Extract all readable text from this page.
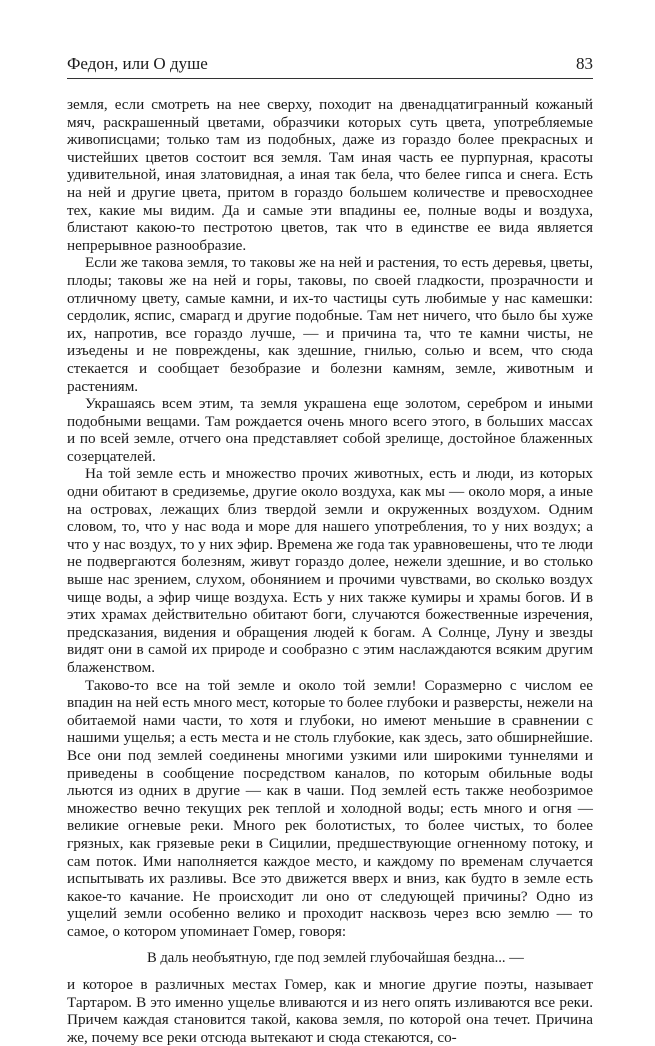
Федон, или О душе	83

земля, если смотреть на нее сверху, походит на двенадцатигранный кожаный мяч, раскрашенный цветами, образчики которых суть цвета, употребляемые живописцами; только там из подобных, даже из гораздо более прекрасных и чистейших цветов состоит вся земля. Там иная часть ее пурпурная, красоты удивительной, иная златовидная, а иная так бела, что белее гипса и снега. Есть на ней и другие цвета, притом в гораздо большем количестве и превосходнее тех, какие мы видим. Да и самые эти впадины ее, полные воды и воздуха, блистают какою-то пестротою цветов, так что в единстве ее вида является непрерывное разнообразие.

Если же такова земля, то таковы же на ней и растения, то есть деревья, цветы, плоды; таковы же на ней и горы, таковы, по своей гладкости, прозрачности и отличному цвету, самые камни, и их-то частицы суть любимые у нас камешки: сердолик, яспис, смарагд и другие подобные. Там нет ничего, что было бы хуже их, напротив, все гораздо лучше, — и причина та, что те камни чисты, не изъедены и не повреждены, как здешние, гнилью, солью и всем, что сюда стекается и сообщает безобразие и болезни камням, земле, животным и растениям.

Украшаясь всем этим, та земля украшена еще золотом, серебром и иными подобными вещами. Там рождается очень много всего этого, в больших массах и по всей земле, отчего она представляет собой зрелище, достойное блаженных созерцателей.

На той земле есть и множество прочих животных, есть и люди, из которых одни обитают в средиземье, другие около воздуха, как мы — около моря, а иные на островах, лежащих близ твердой земли и окруженных воздухом. Одним словом, то, что у нас вода и море для нашего употребления, то у них воздух; а что у нас воздух, то у них эфир. Времена же года так уравновешены, что те люди не подвергаются болезням, живут гораздо долее, нежели здешние, и во столько выше нас зрением, слухом, обонянием и прочими чувствами, во сколько воздух чище воды, а эфир чище воздуха. Есть у них также кумиры и храмы богов. И в этих храмах действительно обитают боги, случаются божественные изречения, предсказания, видения и обращения людей к богам. А Солнце, Луну и звезды видят они в самой их природе и сообразно с этим наслаждаются всяким другим блаженством.

Таково-то все на той земле и около той земли! Соразмерно с числом ее впадин на ней есть много мест, которые то более глубоки и разверсты, нежели на обитаемой нами части, то хотя и глубоки, но имеют меньшие в сравнении с нашими ущелья; а есть места и не столь глубокие, как здесь, зато обширнейшие. Все они под землей соединены многими узкими или широкими туннелями и приведены в сообщение посредством каналов, по которым обильные воды льются из одних в другие — как в чаши. Под землей есть также необозримое множество вечно текущих рек теплой и холодной воды; есть много и огня — великие огневые реки. Много рек болотистых, то более чистых, то более грязных, как грязевые реки в Сицилии, предшествующие огненному потоку, и сам поток. Ими наполняется каждое место, и каждому по временам случается испытывать их разливы. Все это движется вверх и вниз, как будто в земле есть какое-то качание. Не происходит ли оно от следующей причины? Одно из ущелий земли особенно велико и проходит насквозь через всю землю — то самое, о котором упоминает Гомер, говоря:

В даль необъятную, где под землей глубочайшая бездна... —

и которое в различных местах Гомер, как и многие другие поэты, называет Тартаром. В это именно ущелье вливаются и из него опять изливаются все реки. Причем каждая становится такой, какова земля, по которой она течет. Причина же, почему все реки отсюда вытекают и сюда стекаются, со-
